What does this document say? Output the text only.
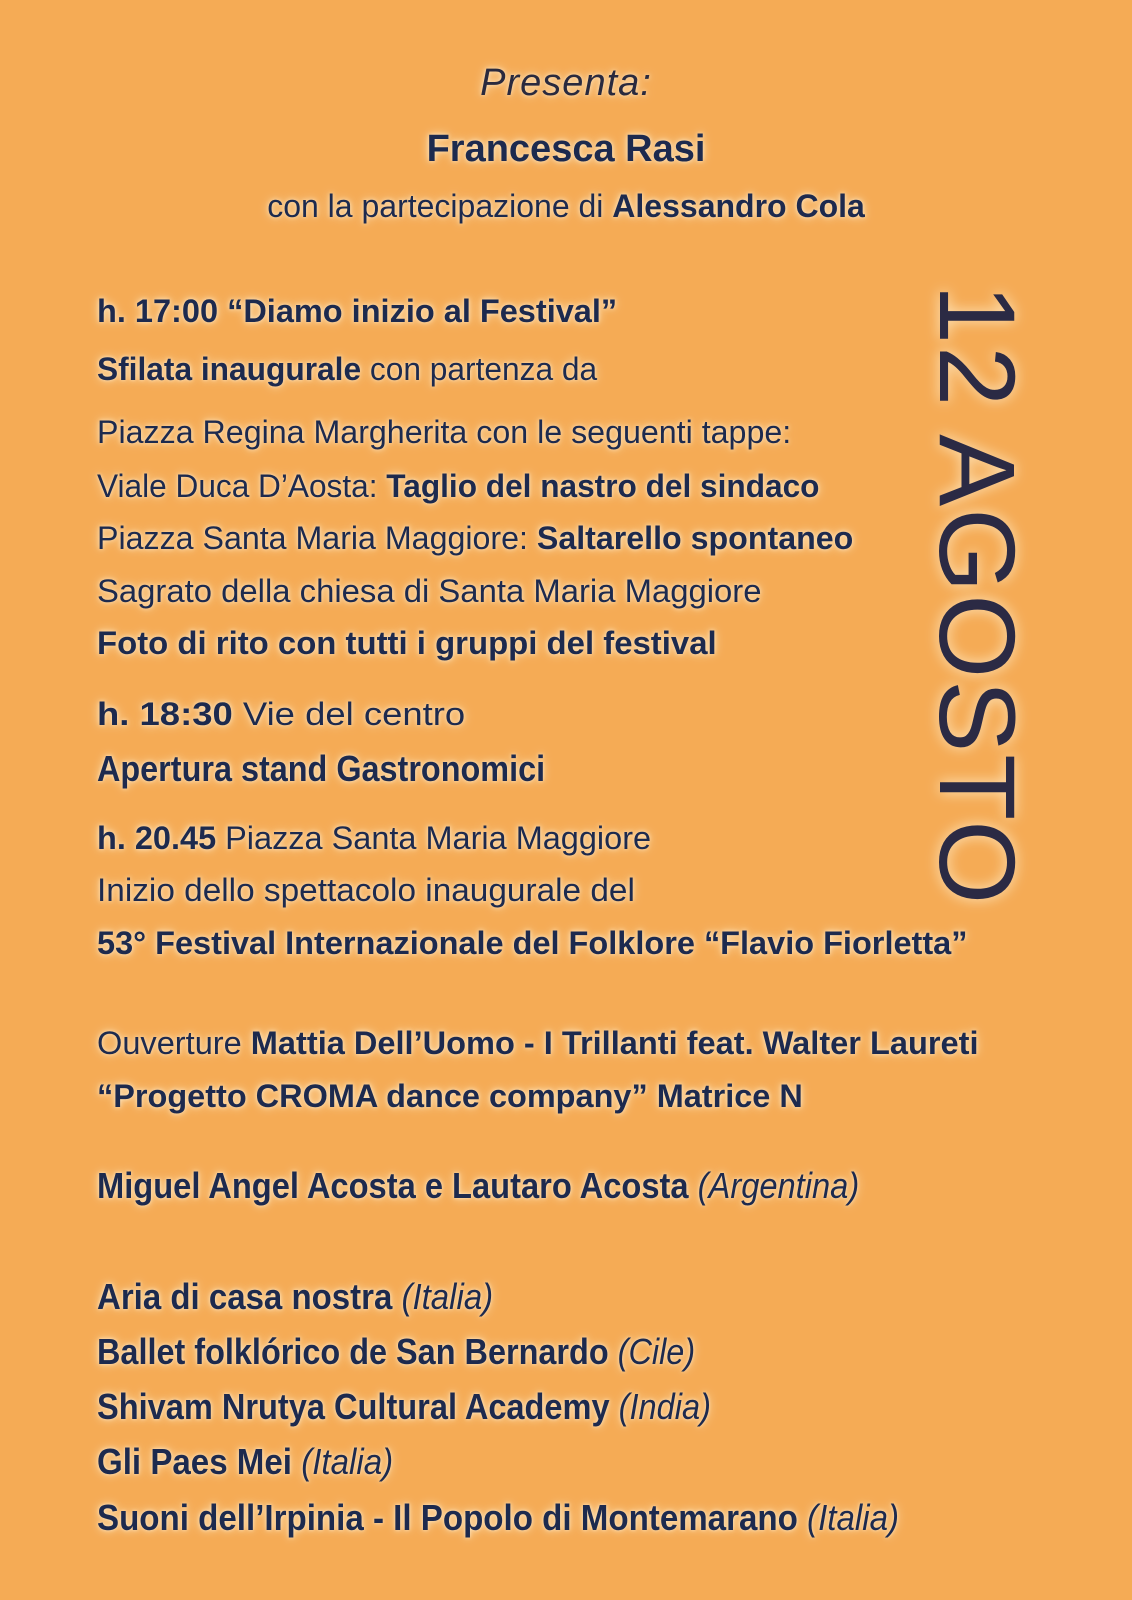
Presenta:
Francesca Rasi
con la partecipazione di Alessandro Cola
12 AGOSTO
h. 17:00 “Diamo inizio al Festival”
Sfilata inaugurale con partenza da
Piazza Regina Margherita con le seguenti tappe:
Viale Duca D’Aosta: Taglio del nastro del sindaco
Piazza Santa Maria Maggiore: Saltarello spontaneo
Sagrato della chiesa di Santa Maria Maggiore
Foto di rito con tutti i gruppi del festival
h. 18:30 Vie del centro
Apertura stand Gastronomici
h. 20.45 Piazza Santa Maria Maggiore
Inizio dello spettacolo inaugurale del
53° Festival Internazionale del Folklore “Flavio Fiorletta”
Ouverture Mattia Dell’Uomo - I Trillanti feat. Walter Laureti
“Progetto CROMA dance company” Matrice N
Miguel Angel Acosta e Lautaro Acosta (Argentina)
Aria di casa nostra (Italia)
Ballet folklórico de San Bernardo (Cile)
Shivam Nrutya Cultural Academy (India)
Gli Paes Mei (Italia)
Suoni dell’Irpinia - Il Popolo di Montemarano (Italia)
